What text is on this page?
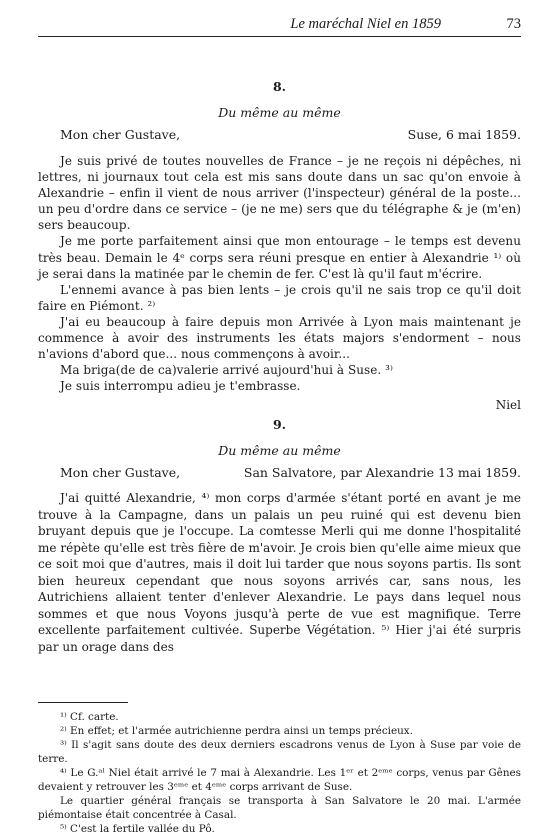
Le maréchal Niel en 1859	73
8.
Du même au même
Mon cher Gustave,	Suse, 6 mai 1859.

Je suis privé de toutes nouvelles de France – je ne reçois ni dépêches, ni lettres, ni journaux tout cela est mis sans doute dans un sac qu'on envoie à Alexandrie – enfin il vient de nous arriver (l'inspecteur) général de la poste... un peu d'ordre dans ce service – (je ne me) sers que du télégraphe & je (m'en) sers beaucoup.

Je me porte parfaitement ainsi que mon entourage – le temps est devenu très beau. Demain le 4ᵉ corps sera réuni presque en entier à Alexandrie ¹⁾ où je serai dans la matinée par le chemin de fer. C'est là qu'il faut m'écrire.

L'ennemi avance à pas bien lents – je crois qu'il ne sais trop ce qu'il doit faire en Piémont. ²⁾

J'ai eu beaucoup à faire depuis mon Arrivée à Lyon mais maintenant je commence à avoir des instruments les états majors s'endorment – nous n'avions d'abord que... nous commençons à avoir...

Ma briga(de de ca)valerie arrivé aujourd'hui à Suse. ³⁾

Je suis interrompu adieu je t'embrasse.

Niel
9.
Du même au même
Mon cher Gustave,	San Salvatore, par Alexandrie 13 mai 1859.

J'ai quitté Alexandrie, ⁴⁾ mon corps d'armée s'étant porté en avant je me trouve à la Campagne, dans un palais un peu ruiné qui est devenu bien bruyant depuis que je l'occupe. La comtesse Merli qui me donne l'hospitalité me répète qu'elle est très fière de m'avoir. Je crois bien qu'elle aime mieux que ce soit moi que d'autres, mais il doit lui tarder que nous soyons partis. Ils sont bien heureux cependant que nous soyons arrivés car, sans nous, les Autrichiens allaient tenter d'enlever Alexandrie. Le pays dans lequel nous sommes et que nous Voyons jusqu'à perte de vue est magnifique. Terre excellente parfaitement cultivée. Superbe Végétation. ⁵⁾ Hier j'ai été surpris par un orage dans des

¹⁾ Cf. carte.

²⁾ En effet; et l'armée autrichienne perdra ainsi un temps précieux.

³⁾ Il s'agit sans doute des deux derniers escadrons venus de Lyon à Suse par voie de terre.

⁴⁾ Le G.ᵃˡ Niel était arrivé le 7 mai à Alexandrie. Les 1ᵉʳ et 2ᵉᵐᵉ corps, venus par Gênes devaient y retrouver les 3ᵉᵐᵉ et 4ᵉᵐᵉ corps arrivant de Suse.

Le quartier général français se transporta à San Salvatore le 20 mai. L'armée piémontaise était concentrée à Casal.

⁵⁾ C'est la fertile vallée du Pô.
